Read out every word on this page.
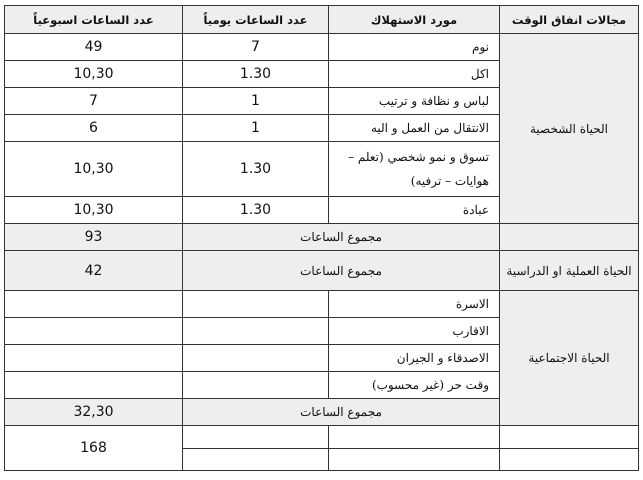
مجالات انفاق الوقت	مورد الاستهلاك	عدد الساعات يومياً	عدد الساعات اسبوعياً
الحياة الشخصية	نوم	7	49
	اكل	1.30	10,30
	لباس و نظافة و ترتيب	1	7
	الانتقال من العمل و اليه	1	6
	تسوق و نمو شخصي (تعلم – هوايات – ترفيه)	1.30	10,30
	عبادة	1.30	10,30
	مجموع الساعات		93
الحياة العملية او الدراسية	مجموع الساعات		42
الحياة الاجتماعية	الاسرة		
	الاقارب		
	الاصدقاء و الجيران		
	وقت حر (غير محسوب)		
	مجموع الساعات		32,30
			168
